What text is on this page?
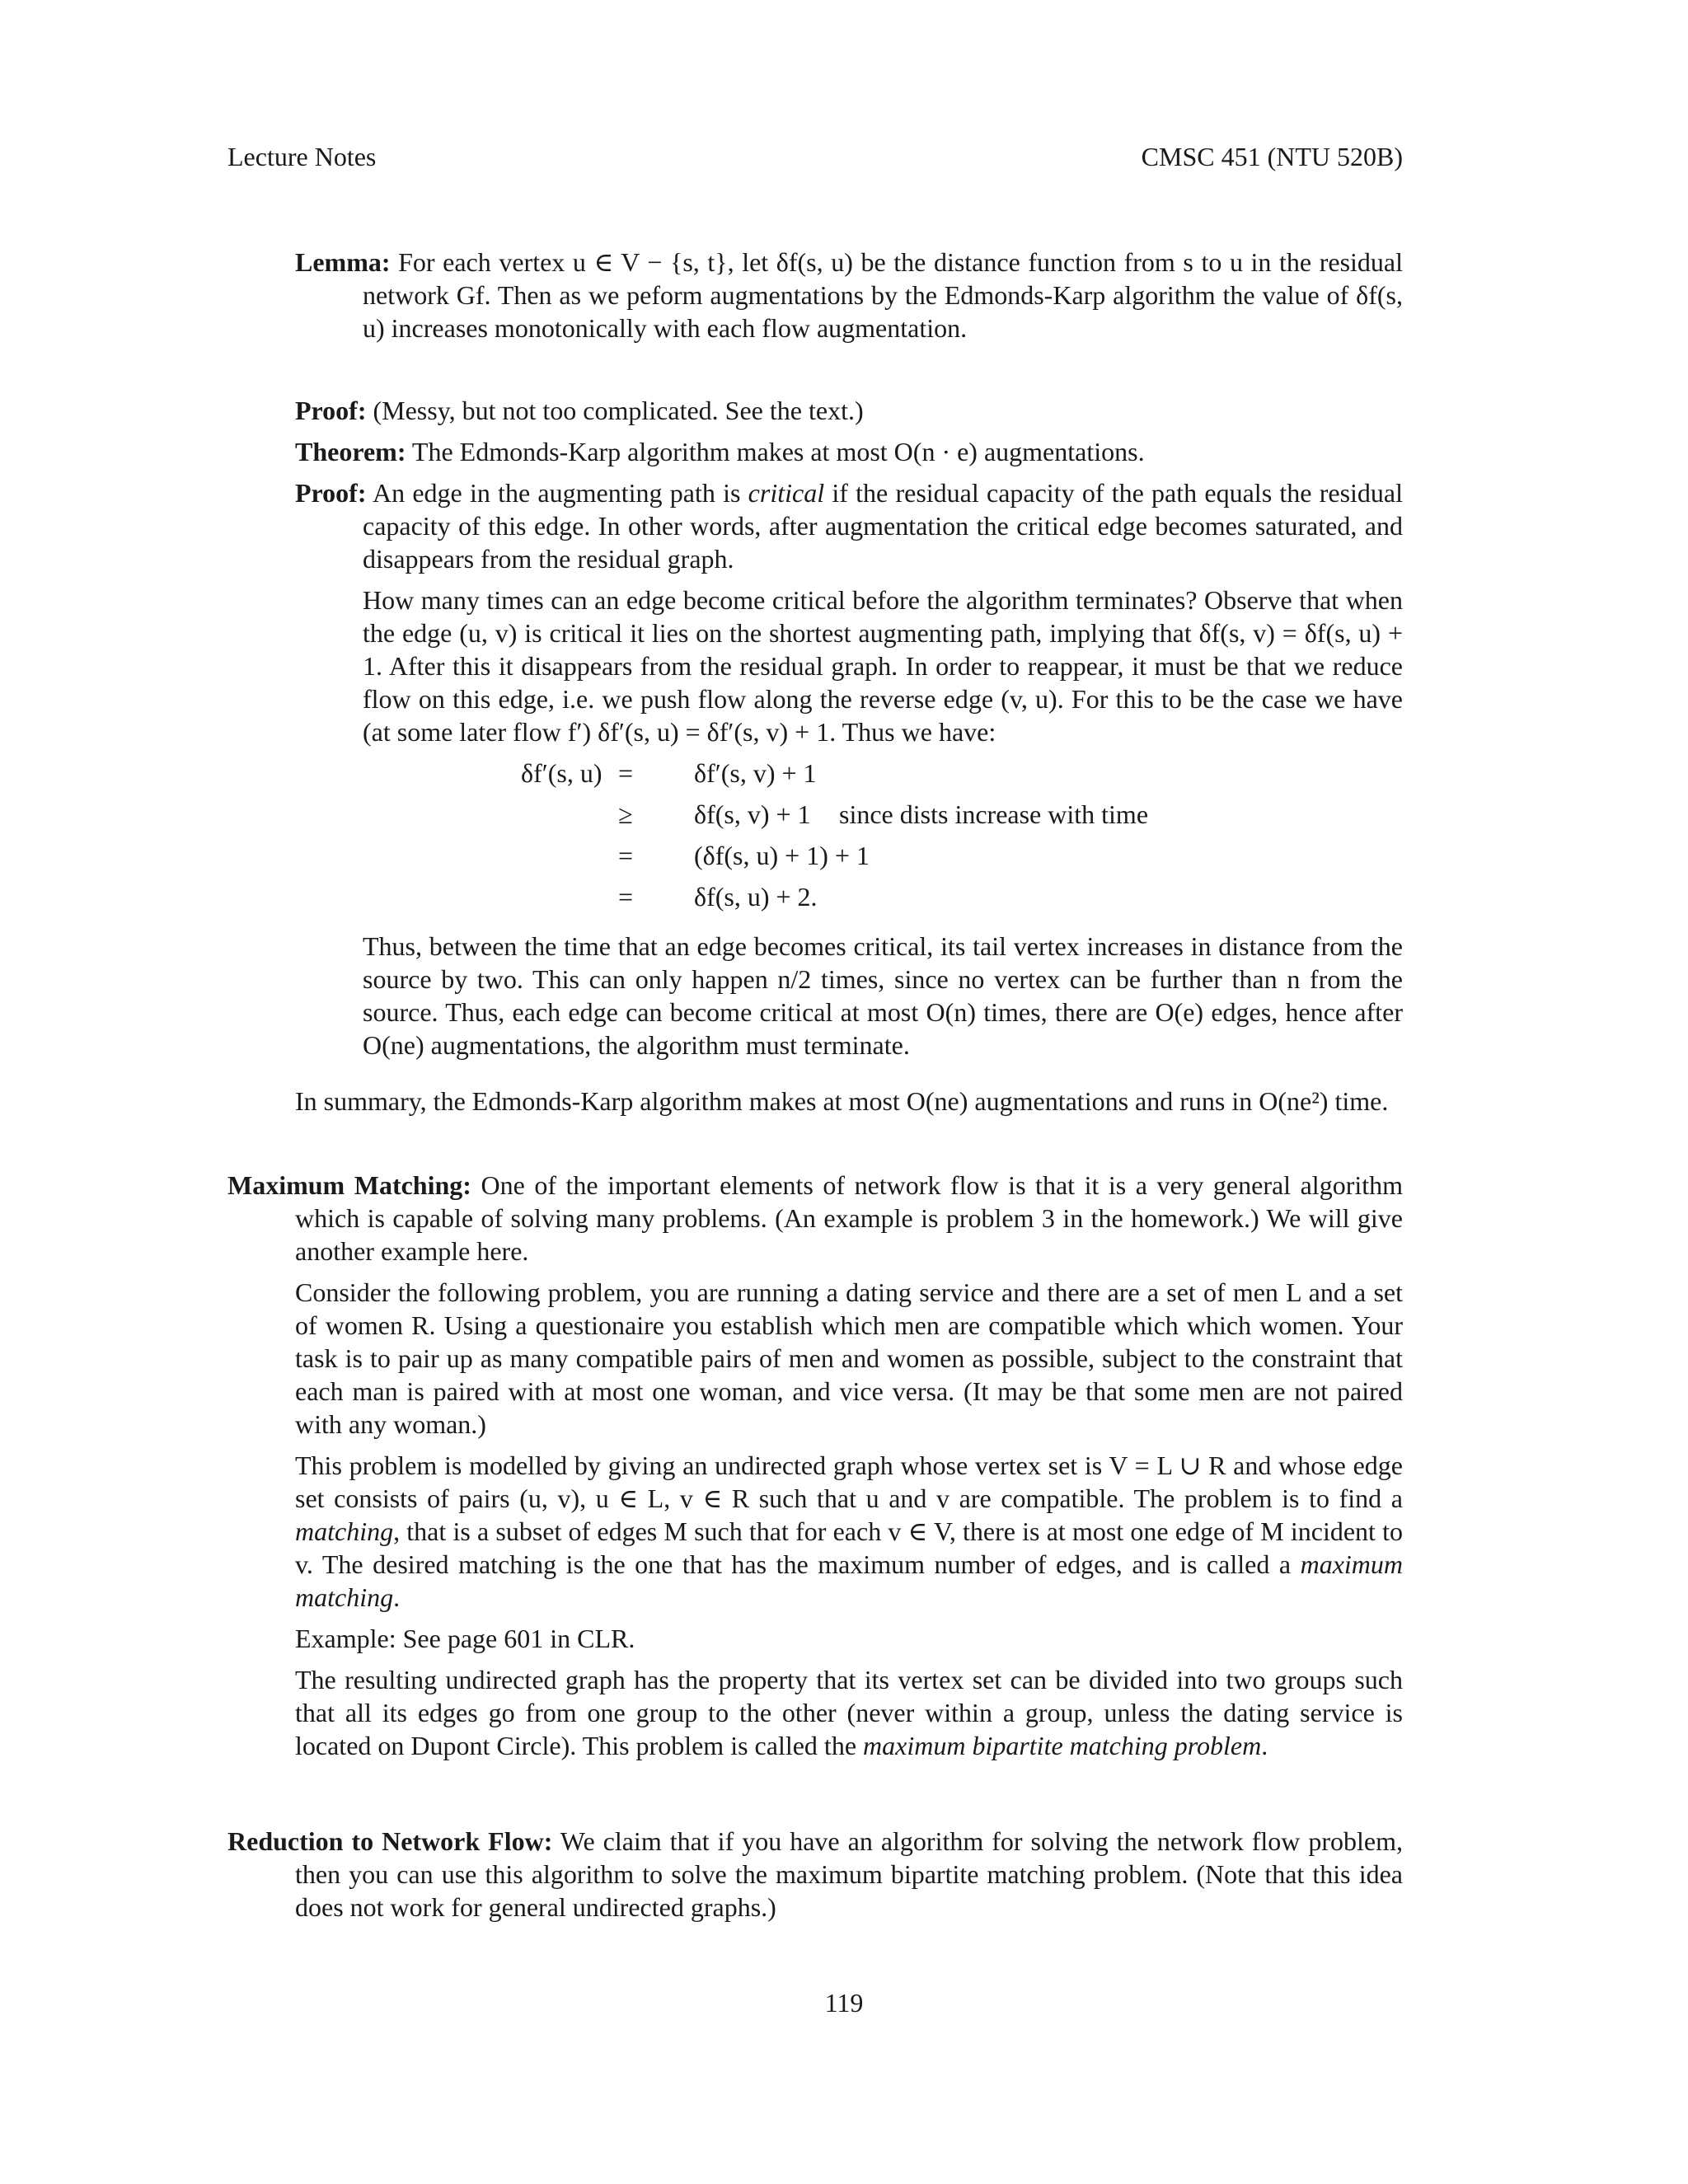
Lecture Notes	CMSC 451 (NTU 520B)

Lemma: For each vertex u ∈ V − {s, t}, let δf(s, u) be the distance function from s to u in the residual network Gf. Then as we peform augmentations by the Edmonds-Karp algorithm the value of δf(s, u) increases monotonically with each flow augmentation.

Proof: (Messy, but not too complicated. See the text.)

Theorem: The Edmonds-Karp algorithm makes at most O(n · e) augmentations.

Proof: An edge in the augmenting path is critical if the residual capacity of the path equals the residual capacity of this edge. In other words, after augmentation the critical edge becomes saturated, and disappears from the residual graph.

How many times can an edge become critical before the algorithm terminates? Observe that when the edge (u, v) is critical it lies on the shortest augmenting path, implying that δf(s, v) = δf(s, u) + 1. After this it disappears from the residual graph. In order to reappear, it must be that we reduce flow on this edge, i.e. we push flow along the reverse edge (v, u). For this to be the case we have (at some later flow f′) δf′(s, u) = δf′(s, v) + 1. Thus we have:

δf′(s, u) = δf′(s, v) + 1
≥ δf(s, v) + 1 since dists increase with time
= (δf(s, u) + 1) + 1
= δf(s, u) + 2.

Thus, between the time that an edge becomes critical, its tail vertex increases in distance from the source by two. This can only happen n/2 times, since no vertex can be further than n from the source. Thus, each edge can become critical at most O(n) times, there are O(e) edges, hence after O(ne) augmentations, the algorithm must terminate.

In summary, the Edmonds-Karp algorithm makes at most O(ne) augmentations and runs in O(ne²) time.

Maximum Matching: One of the important elements of network flow is that it is a very general algorithm which is capable of solving many problems. (An example is problem 3 in the homework.) We will give another example here.

Consider the following problem, you are running a dating service and there are a set of men L and a set of women R. Using a questionaire you establish which men are compatible which which women. Your task is to pair up as many compatible pairs of men and women as possible, subject to the constraint that each man is paired with at most one woman, and vice versa. (It may be that some men are not paired with any woman.)

This problem is modelled by giving an undirected graph whose vertex set is V = L ∪ R and whose edge set consists of pairs (u, v), u ∈ L, v ∈ R such that u and v are compatible. The problem is to find a matching, that is a subset of edges M such that for each v ∈ V, there is at most one edge of M incident to v. The desired matching is the one that has the maximum number of edges, and is called a maximum matching.

Example: See page 601 in CLR.

The resulting undirected graph has the property that its vertex set can be divided into two groups such that all its edges go from one group to the other (never within a group, unless the dating service is located on Dupont Circle). This problem is called the maximum bipartite matching problem.

Reduction to Network Flow: We claim that if you have an algorithm for solving the network flow problem, then you can use this algorithm to solve the maximum bipartite matching problem. (Note that this idea does not work for general undirected graphs.)

119
